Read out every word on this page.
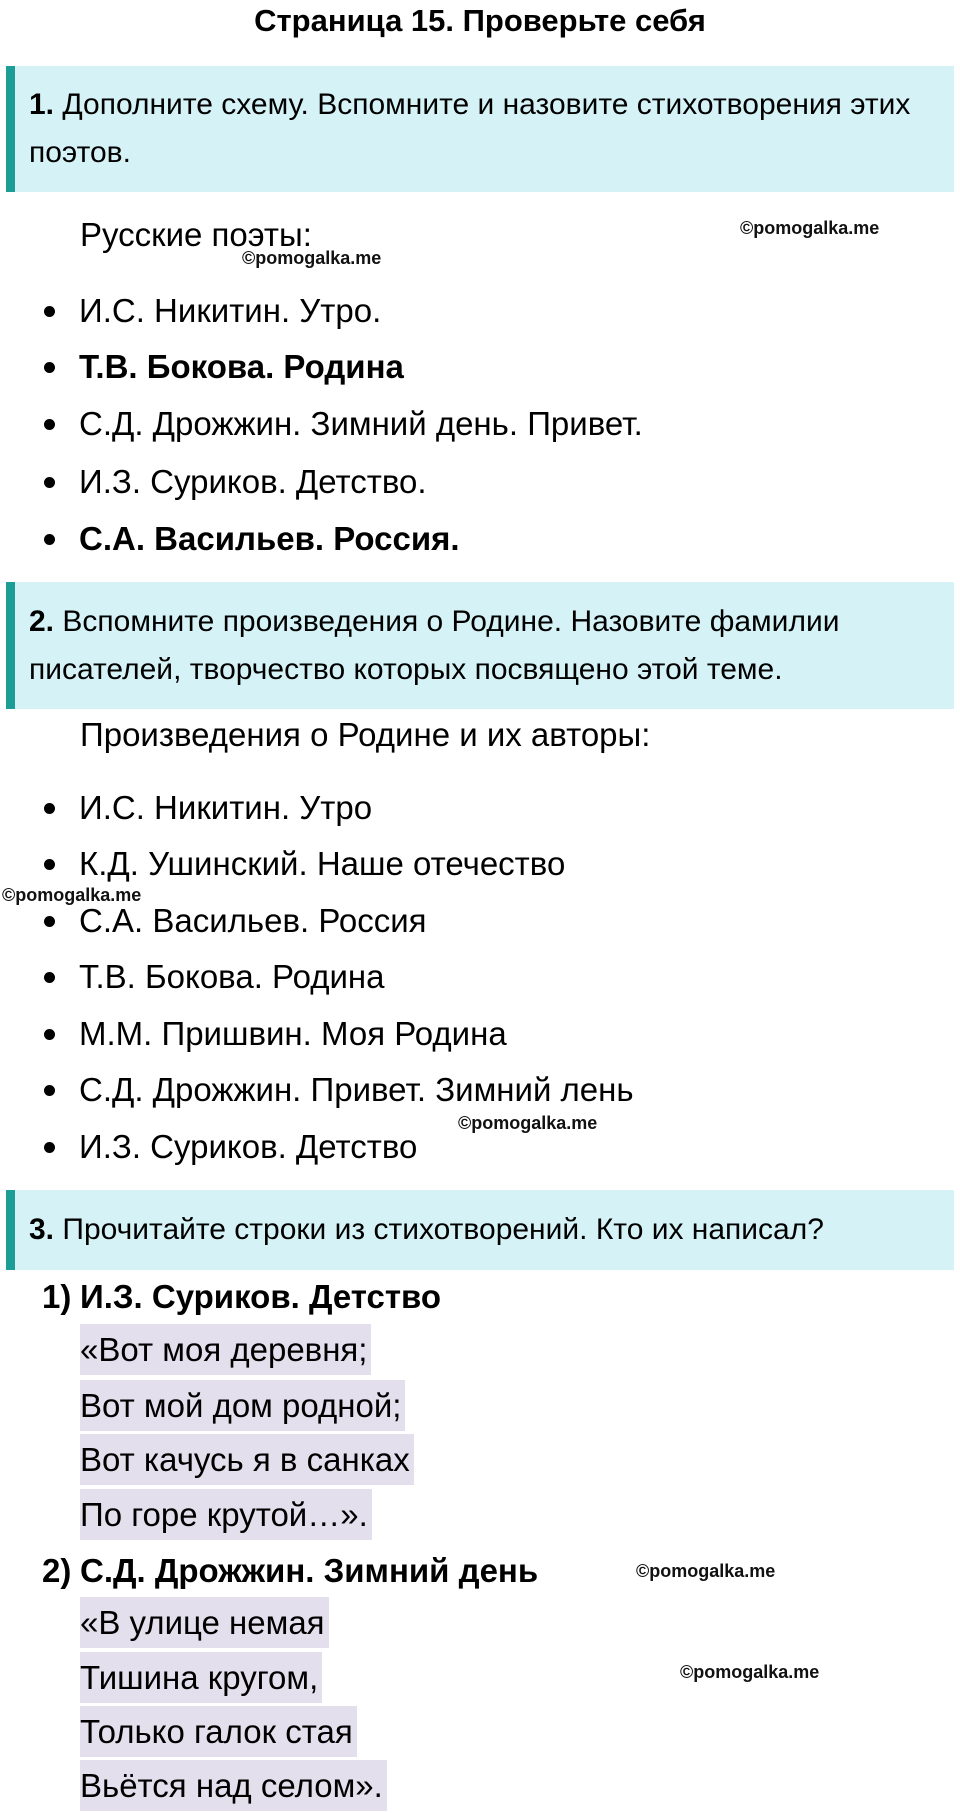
Страница 15. Проверьте себя
1. Дополните схему. Вспомните и назовите стихотворения этих поэтов.
Русские поэты:	©pomogalka.me
©pomogalka.me
И.С. Никитин. Утро.
Т.В. Бокова. Родина
С.Д. Дрожжин. Зимний день. Привет.
И.З. Суриков. Детство.
С.А. Васильев. Россия.
2. Вспомните произведения о Родине. Назовите фамилии писателей, творчество которых посвящено этой теме.
Произведения о Родине и их авторы:
И.С. Никитин. Утро
К.Д. Ушинский. Наше отечество
©pomogalka.me
С.А. Васильев. Россия
Т.В. Бокова. Родина
М.М. Пришвин. Моя Родина
С.Д. Дрожжин. Привет. Зимний лень
©pomogalka.me
И.З. Суриков. Детство
3. Прочитайте строки из стихотворений. Кто их написал?
1) И.З. Суриков. Детство
«Вот моя деревня;
Вот мой дом родной;
Вот качусь я в санках
По горе крутой…».
2) С.Д. Дрожжин. Зимний день	©pomogalka.me
«В улице немая
Тишина кругом,	©pomogalka.me
Только галок стая
Вьётся над селом».
